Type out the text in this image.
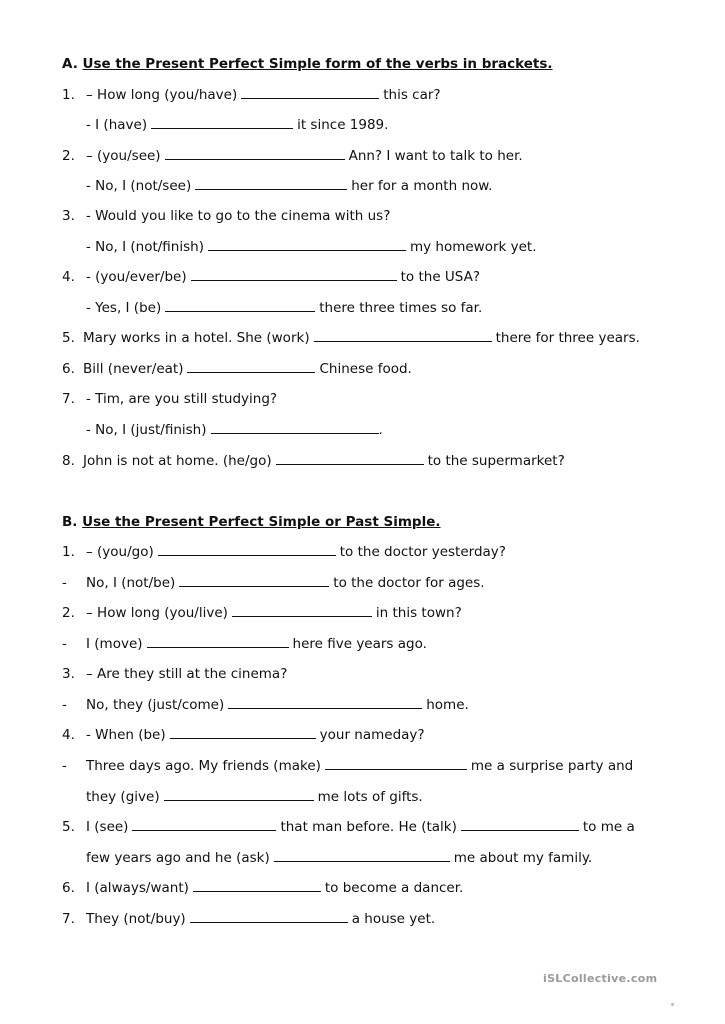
A. Use the Present Perfect Simple form of the verbs in brackets.
1. – How long (you/have)	this car?
- I (have)	it since 1989.
2. – (you/see)	Ann? I want to talk to her.
- No, I (not/see)	her for a month now.
3. - Would you like to go to the cinema with us?
- No, I (not/finish)	my homework yet.
4. - (you/ever/be)	to the USA?
- Yes, I (be)	there three times so far.
5. Mary works in a hotel. She (work)	there for three years.
6. Bill (never/eat)	Chinese food.
7. - Tim, are you still studying?
- No, I (just/finish)	.
8. John is not at home. (he/go)	to the supermarket?
B. Use the Present Perfect Simple or Past Simple.
1. – (you/go)	to the doctor yesterday?
- No, I (not/be)	to the doctor for ages.
2. – How long (you/live)	in this town?
- I (move)	here five years ago.
3. – Are they still at the cinema?
- No, they (just/come)	home.
4. - When (be)	your nameday?
- Three days ago. My friends (make)	me a surprise party and
they (give)	me lots of gifts.
5. I (see)	that man before. He (talk)	to me a
few years ago and he (ask)	me about my family.
6. I (always/want)	to become a dancer.
7. They (not/buy)	a house yet.
iSLCollective.com
